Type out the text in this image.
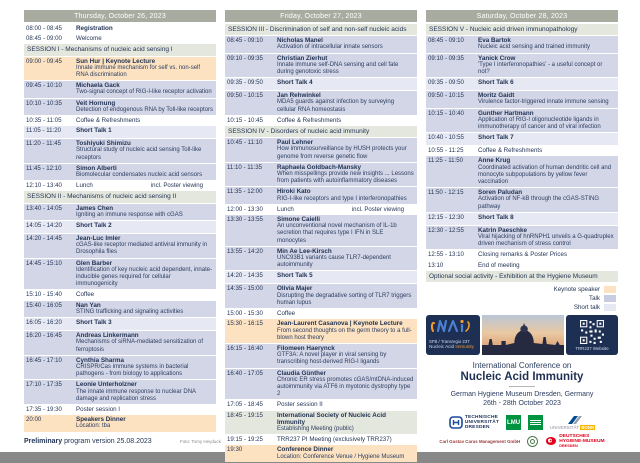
Thursday, October 26, 2023
08:00 - 08:45	Registration
08:45 - 09:00	Welcome
SESSION I - Mechanisms of nucleic acid sensing I
09:00 - 09:45	Sun Hur | Keynote Lecture
Innate immune mechanism for self vs. non-self RNA discrimination
09:45 - 10:10	Michaela Gack
Two-signal concept of RIG-I-like receptor activation
10:10 - 10:35	Veit Hornung
Detection of endogenous RNA by Toll-like receptors
10:35 - 11:05	Coffee & Refreshments
11:05 - 11:20	Short Talk 1
11:20 - 11:45	Toshiyuki Shimizu
Structural study of nucleic acid sensing Toll-like receptors
11:45 - 12:10	Simon Alberti
Biomolecular condensates nucleic acid sensors
12:10 - 13:40	Lunch	incl. Poster viewing
SESSION II - Mechanisms of nucleic acid sensing II
13:40 - 14:05	James Chen
Igniting an immune response with cGAS
14:05 - 14:20	Short Talk 2
14:20 - 14:45	Jean-Luc Imler
cGAS-like receptor mediated antiviral immunity in Drosophila flies
14:45 - 15:10	Glen Barber
Identification of key nucleic acid dependent, innate-inducible genes required for cellular immunogenicity
15:10 - 15:40	Coffee
15:40 - 16:05	Nan Yan
STING trafficking and signaling activities
16:05 - 16:20	Short Talk 3
16:20 - 16:45	Andreas Linkermann
Mechanisms of siRNA-mediated sensitization of ferroptosis
16:45 - 17:10	Cynthia Sharma
CRISPR/Cas immune systems in bacterial pathogens - from biology to applications
17:10 - 17:35	Leonie Unterholzner
The innate immune response to nuclear DNA damage and replication stress
17:35 - 19:30	Poster session I
20:00	Speakers Dinner
Location: tba
Friday, October 27, 2023
SESSION III - Discrimination of self and non-self nucleic acids
08:45 - 09:10	Nicholas Manel
Activation of intracellular innate sensors
09:10 - 09:35	Christian Zierhut
Innate immune self-DNA sensing and cell fate during genotoxic stress
09:35 - 09:50	Short Talk 4
09:50 - 10:15	Jan Rehwinkel
MDA5 guards against infection by surveying cellular RNA homeostasis
10:15 - 10:45	Coffee & Refreshments
SESSION IV - Disorders of nucleic acid immunity
10:45 - 11:10	Paul Lehner
How immunosurveillance by HUSH protects your genome from reverse genetic flow
11:10 - 11:35	Raphaela Goldbach-Mansky
When misspellings provide new insights ... Lessons from patients with autoinflammatory diseases
11:35 - 12:00	Hiroki Kato
RIG-I-like receptors and type I interferonopathies
12:00 - 13:30	Lunch	incl. Poster viewing
13:30 - 13:55	Simone Caielli
An unconventional novel mechanism of IL-1b secretion that requires type I IFN in SLE monocytes
13:55 - 14:20	Min Ae Lee-Kirsch
UNC93B1 variants cause TLR7-dependent autoimmunity
14:20 - 14:35	Short Talk 5
14:35 - 15:00	Olivia Majer
Disrupting the degradative sorting of TLR7 triggers human lupus
15:00 - 15:30	Coffee
15:30 - 16:15	Jean-Laurent Casanova | Keynote Lecture
From second thoughts on the germ theory to a full-blown host theory
16:15 - 16:40	Filomeen Haerynck
GTF3A: A novel player in viral sensing by transcribing host-derived RIG-I ligands
16:40 - 17:05	Claudia Günther
Chronic ER stress promotes cGAS/mtDNA-induced autoimmunity via ATF6 in myotonic dystrophy type 2
17:05 - 18:45	Poster session II
18:45 - 19:15	International Society of Nucleic Acid Immunity
Establishing Meeting (public)
19:15 - 19:25	TRR237 PI Meeting (exclusively TRR237)
19:30	Conference Dinner
Location: Conference Venue / Hygiene Museum
Saturday, October 28, 2023
SESSION V - Nucleic acid driven immunopathology
08:45 - 09:10	Eva Bartok
Nucleic acid sensing and trained immunity
09:10 - 09:35	Yanick Crow
'Type I interferonopathies' - a useful concept or not?
09:35 - 09:50	Short Talk 6
09:50 - 10:15	Moritz Gaidt
Virulence factor-triggered innate immune sensing
10:15 - 10:40	Gunther Hartmann
Application of RIG-I oligonucleotide ligands in immunotherapy of cancer and of viral infection
10:40 - 10:55	Short Talk 7
10:55 - 11:25	Coffee & Refreshments
11:25 - 11:50	Anne Krug
Coordinated activation of human dendritic cell and monocyte subpopulations by yellow fever vaccination
11:50 - 12:15	Soren Paludan
Activation of NF-kB through the cGAS-STING pathway
12:15 - 12:30	Short Talk 8
12:30 - 12:55	Katrin Paeschke
Viral hijacking of hnRNPH1 unveils a G-quadruplex driven mechanism of stress control
12:55 - 13:10	Closing remarks & Poster Prices
13:10	End of meeting
Optional social activity - Exhibition at the Hygiene Museum
Keynote speaker
Talk
Short talk
SFB / Transregio 237
Nucleic Acid Immunity	TRR237 Website
International Conference on
Nucleic Acid Immunity
German Hygiene Museum Dresden, Germany
26th - 28th October 2023
TECHNISCHE
UNIVERSITÄT
DRESDEN
LMU
UNIVERSITÄT BONN
Carl Gustav Carus Management GmbH
DEUTSCHES
HYGIENE-MUSEUM
DRESDEN
Preliminary program version 25.08.2023	Foto: Tomy Heyduck
